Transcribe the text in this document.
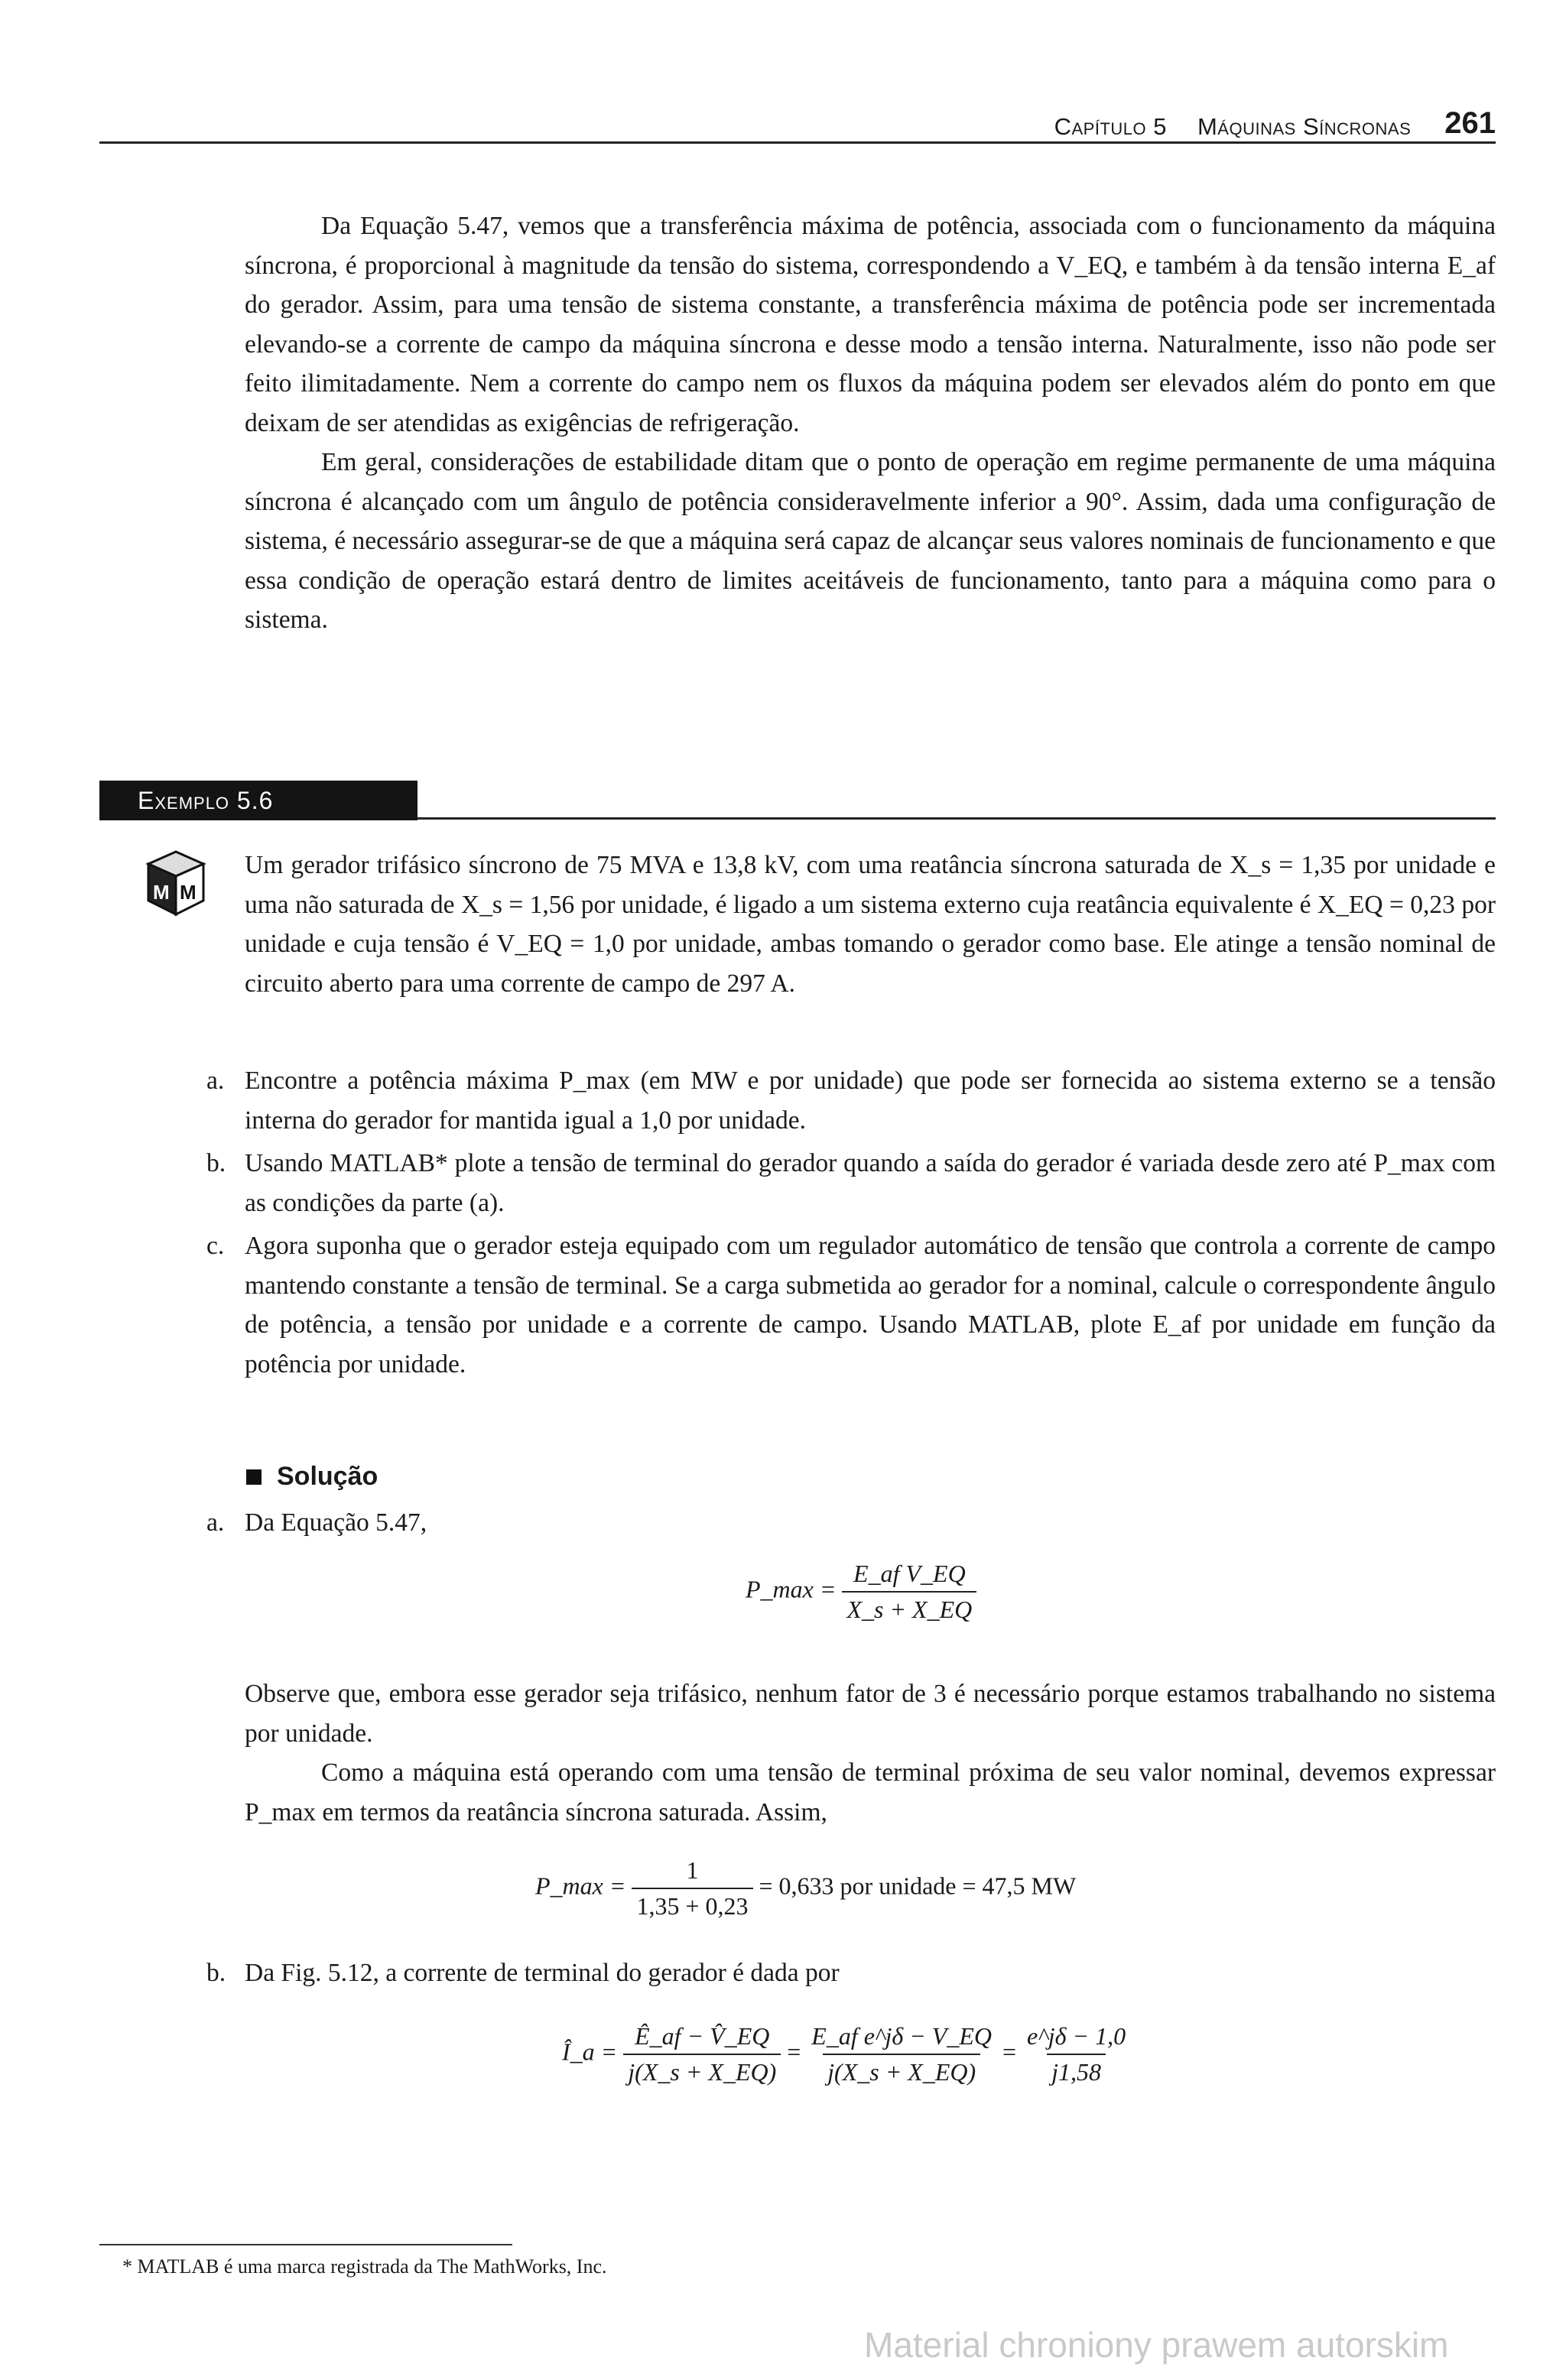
Capítulo 5 Máquinas Síncronas 261

Da Equação 5.47, vemos que a transferência máxima de potência, associada com o funcionamento da máquina síncrona, é proporcional à magnitude da tensão do sistema, correspondendo a V_EQ, e também à da tensão interna E_af do gerador. Assim, para uma tensão de sistema constante, a transferência máxima de potência pode ser incrementada elevando-se a corrente de campo da máquina síncrona e desse modo a tensão interna. Naturalmente, isso não pode ser feito ilimitadamente. Nem a corrente do campo nem os fluxos da máquina podem ser elevados além do ponto em que deixam de ser atendidas as exigências de refrigeração.

Em geral, considerações de estabilidade ditam que o ponto de operação em regime permanente de uma máquina síncrona é alcançado com um ângulo de potência consideravelmente inferior a 90°. Assim, dada uma configuração de sistema, é necessário assegurar-se de que a máquina será capaz de alcançar seus valores nominais de funcionamento e que essa condição de operação estará dentro de limites aceitáveis de funcionamento, tanto para a máquina como para o sistema.

Exemplo 5.6
M M

Um gerador trifásico síncrono de 75 MVA e 13,8 kV, com uma reatância síncrona saturada de X_s = 1,35 por unidade e uma não saturada de X_s = 1,56 por unidade, é ligado a um sistema externo cuja reatância equivalente é X_EQ = 0,23 por unidade e cuja tensão é V_EQ = 1,0 por unidade, ambas tomando o gerador como base. Ele atinge a tensão nominal de circuito aberto para uma corrente de campo de 297 A.

a. Encontre a potência máxima P_max (em MW e por unidade) que pode ser fornecida ao sistema externo se a tensão interna do gerador for mantida igual a 1,0 por unidade.
b. Usando MATLAB* plote a tensão de terminal do gerador quando a saída do gerador é variada desde zero até P_max com as condições da parte (a).
c. Agora suponha que o gerador esteja equipado com um regulador automático de tensão que controla a corrente de campo mantendo constante a tensão de terminal. Se a carga submetida ao gerador for a nominal, calcule o correspondente ângulo de potência, a tensão por unidade e a corrente de campo. Usando MATLAB, plote E_af por unidade em função da potência por unidade.
Solução
a. Da Equação 5.47,
P_max = $\frac{\text{E\_af V\_EQ}}{X\_s + X\_EQ}$

Observe que, embora esse gerador seja trifásico, nenhum fator de 3 é necessário porque estamos trabalhando no sistema por unidade.

Como a máquina está operando com uma tensão de terminal próxima de seu valor nominal, devemos expressar P_max em termos da reatância síncrona saturada. Assim,

P_max = $\frac{1}{1,35 + 0,23} = 0,633$ por unidade = 47,5 MW
b. Da Fig. 5.12, a corrente de terminal do gerador é dada por
Î_a = $\frac{Ê\_af - V̂\_EQ}{j(X\_s + X\_EQ)} = \frac{\text{E\_af e\textasciicircum{}jδ − V\_EQ}}{j(X\_s + X\_EQ)} = \frac{e\^{}j\delta - 1,0}{j1,58}$
* MATLAB é uma marca registrada da The MathWorks, Inc.
Material chroniony prawem autorskim
